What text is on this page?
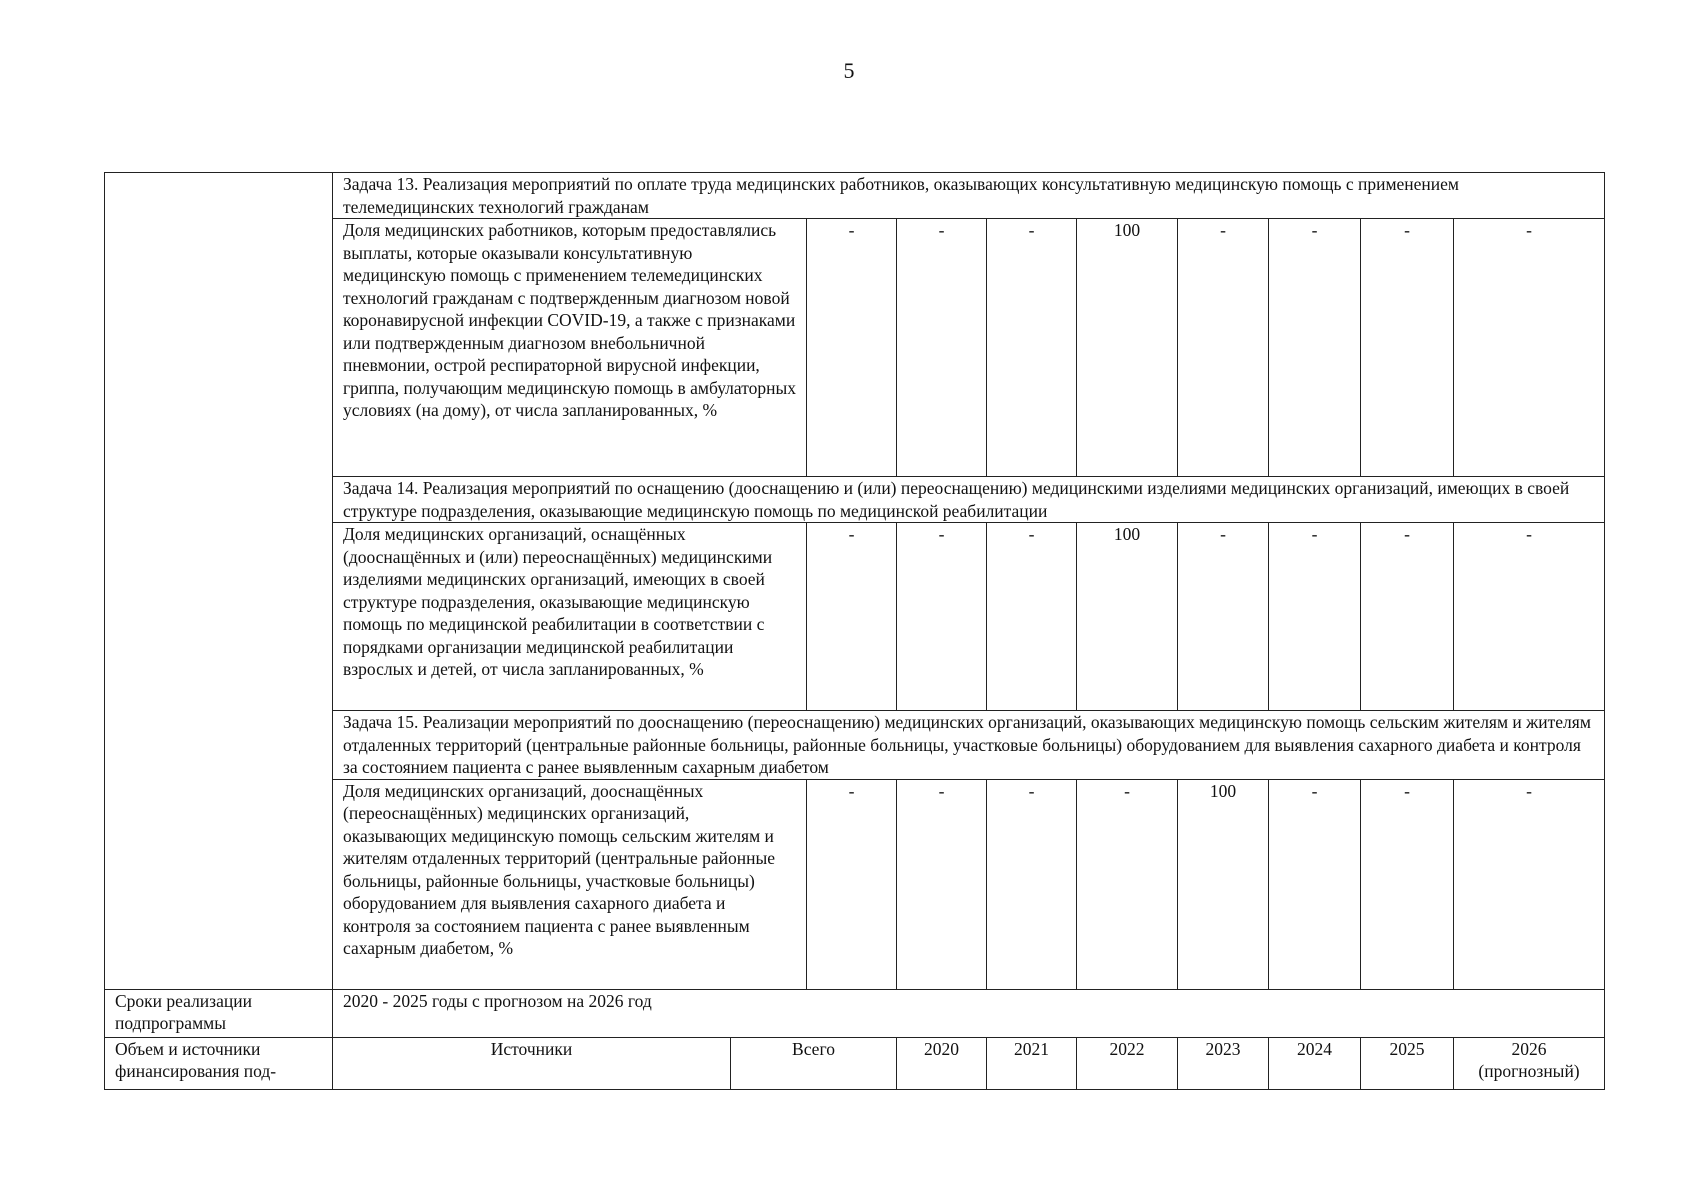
5
	Задача 13. Реализация мероприятий по оплате труда медицинских работников, оказывающих консультативную медицинскую помощь с применением телемедицинских технологий гражданам									
	Доля медицинских работников, которым предоставлялись выплаты, которые оказывали консультативную медицинскую помощь с применением телемедицинских технологий гражданам с подтвержденным диагнозом новой коронавирусной инфекции COVID-19, а также с признаками или подтвержденным диагнозом внебольничной пневмонии, острой респираторной вирусной инфекции, гриппа, получающим медицинскую помощь в амбулаторных условиях (на дому), от числа запланированных, %		-	-	-	100	-	-	-	-
	Задача 14. Реализация мероприятий по оснащению (дооснащению и (или) переоснащению) медицинскими изделиями медицинских организаций, имеющих в своей структуре подразделения, оказывающие медицинскую помощь по медицинской реабилитации									
	Доля медицинских организаций, оснащённых (дооснащённых и (или) переоснащённых) медицинскими изделиями медицинских организаций, имеющих в своей структуре подразделения, оказывающие медицинскую помощь по медицинской реабилитации в соответствии с порядками организации медицинской реабилитации взрослых и детей, от числа запланированных, %		-	-	-	100	-	-	-	-
	Задача 15. Реализации мероприятий по дооснащению (переоснащению) медицинских организаций, оказывающих медицинскую помощь сельским жителям и жителям отдаленных территорий (центральные районные больницы, районные больницы, участковые больницы) оборудованием для выявления сахарного диабета и контроля за состоянием пациента с ранее выявленным сахарным диабетом									
	Доля медицинских организаций, дооснащённых (переоснащённых) медицинских организаций, оказывающих медицинскую помощь сельским жителям и жителям отдаленных территорий (центральные районные больницы, районные больницы, участковые больницы) оборудованием для выявления сахарного диабета и контроля за состоянием пациента с ранее выявленным сахарным диабетом, %		-	-	-	-	100	-	-	-
Сроки реализации подпрограммы	2020 - 2025 годы с прогнозом на 2026 год									
Объем и источники финансирования под-	Источники	Всего		2020	2021	2022	2023	2024	2025	2026 (прогнозный)
